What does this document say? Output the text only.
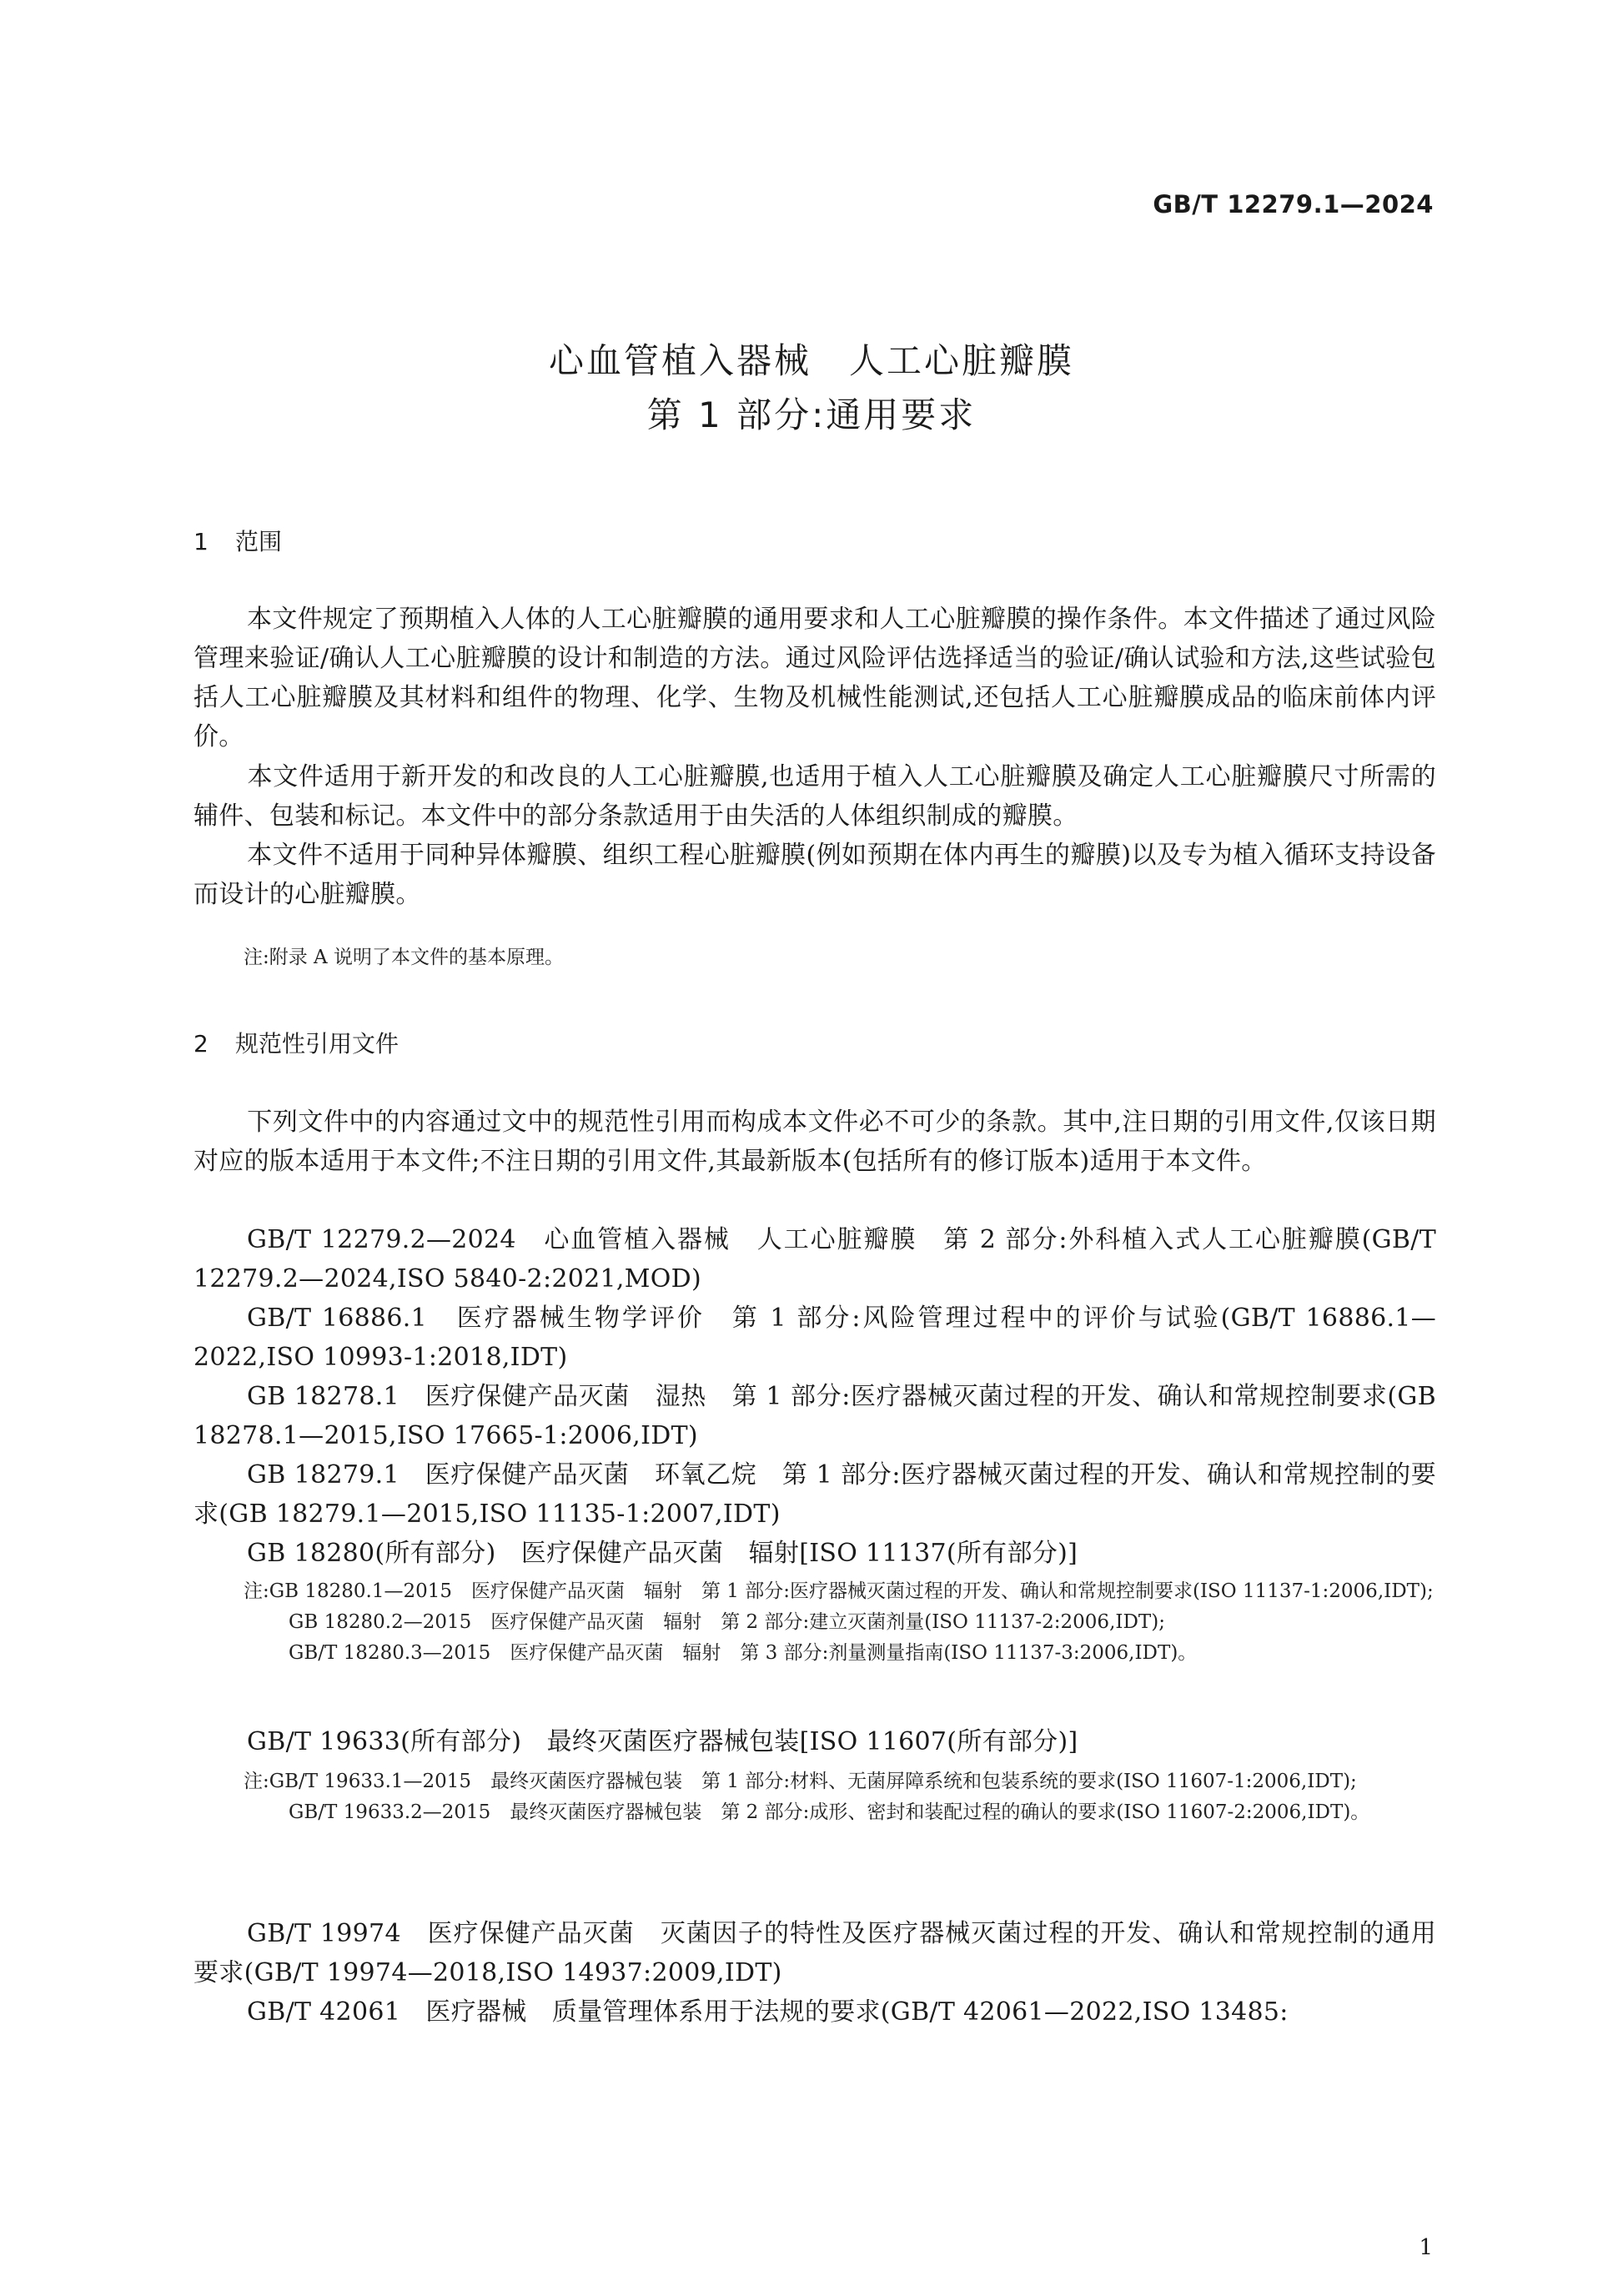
GB/T 12279.1—2024
心血管植入器械　人工心脏瓣膜
第 1 部分:通用要求
1 范围
本文件规定了预期植入人体的人工心脏瓣膜的通用要求和人工心脏瓣膜的操作条件。本文件描述了通过风险管理来验证/确认人工心脏瓣膜的设计和制造的方法。通过风险评估选择适当的验证/确认试验和方法,这些试验包括人工心脏瓣膜及其材料和组件的物理、化学、生物及机械性能测试,还包括人工心脏瓣膜成品的临床前体内评价。
本文件适用于新开发的和改良的人工心脏瓣膜,也适用于植入人工心脏瓣膜及确定人工心脏瓣膜尺寸所需的辅件、包装和标记。本文件中的部分条款适用于由失活的人体组织制成的瓣膜。
本文件不适用于同种异体瓣膜、组织工程心脏瓣膜(例如预期在体内再生的瓣膜)以及专为植入循环支持设备而设计的心脏瓣膜。
注:附录 A 说明了本文件的基本原理。
2 规范性引用文件
下列文件中的内容通过文中的规范性引用而构成本文件必不可少的条款。其中,注日期的引用文件,仅该日期对应的版本适用于本文件;不注日期的引用文件,其最新版本(包括所有的修订版本)适用于本文件。
GB/T 12279.2—2024　心血管植入器械　人工心脏瓣膜　第 2 部分:外科植入式人工心脏瓣膜(GB/T 12279.2—2024,ISO 5840-2:2021,MOD)
GB/T 16886.1　医疗器械生物学评价　第 1 部分:风险管理过程中的评价与试验(GB/T 16886.1—2022,ISO 10993-1:2018,IDT)
GB 18278.1　医疗保健产品灭菌　湿热　第 1 部分:医疗器械灭菌过程的开发、确认和常规控制要求(GB 18278.1—2015,ISO 17665-1:2006,IDT)
GB 18279.1　医疗保健产品灭菌　环氧乙烷　第 1 部分:医疗器械灭菌过程的开发、确认和常规控制的要求(GB 18279.1—2015,ISO 11135-1:2007,IDT)
GB 18280(所有部分)　医疗保健产品灭菌　辐射[ISO 11137(所有部分)]
注:GB 18280.1—2015　医疗保健产品灭菌　辐射　第 1 部分:医疗器械灭菌过程的开发、确认和常规控制要求(ISO 11137-1:2006,IDT);
GB 18280.2—2015　医疗保健产品灭菌　辐射　第 2 部分:建立灭菌剂量(ISO 11137-2:2006,IDT);
GB/T 18280.3—2015　医疗保健产品灭菌　辐射　第 3 部分:剂量测量指南(ISO 11137-3:2006,IDT)。
GB/T 19633(所有部分)　最终灭菌医疗器械包装[ISO 11607(所有部分)]
注:GB/T 19633.1—2015　最终灭菌医疗器械包装　第 1 部分:材料、无菌屏障系统和包装系统的要求(ISO 11607-1:2006,IDT);
GB/T 19633.2—2015　最终灭菌医疗器械包装　第 2 部分:成形、密封和装配过程的确认的要求(ISO 11607-2:2006,IDT)。
GB/T 19974　医疗保健产品灭菌　灭菌因子的特性及医疗器械灭菌过程的开发、确认和常规控制的通用要求(GB/T 19974—2018,ISO 14937:2009,IDT)
GB/T 42061　医疗器械　质量管理体系用于法规的要求(GB/T 42061—2022,ISO 13485:
1
